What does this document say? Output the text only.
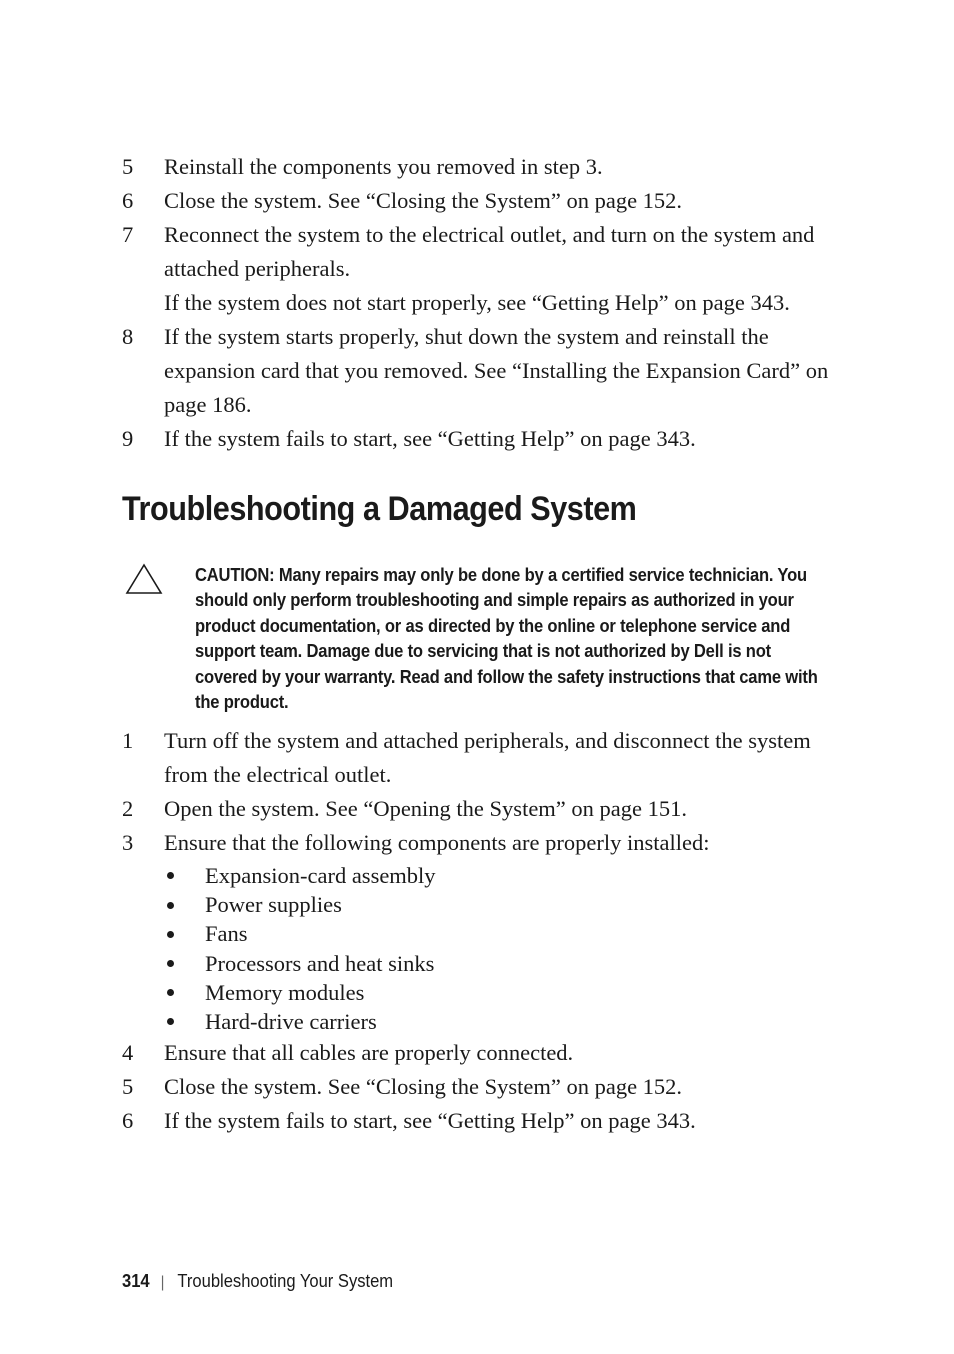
5	Reinstall the components you removed in step 3.
6	Close the system. See “Closing the System” on page 152.
7	Reconnect the system to the electrical outlet, and turn on the system and attached peripherals.
If the system does not start properly, see “Getting Help” on page 343.
8	If the system starts properly, shut down the system and reinstall the expansion card that you removed. See “Installing the Expansion Card” on page 186.
9	If the system fails to start, see “Getting Help” on page 343.
Troubleshooting a Damaged System

CAUTION: Many repairs may only be done by a certified service technician. You should only perform troubleshooting and simple repairs as authorized in your product documentation, or as directed by the online or telephone service and support team. Damage due to servicing that is not authorized by Dell is not covered by your warranty. Read and follow the safety instructions that came with the product.

1	Turn off the system and attached peripherals, and disconnect the system from the electrical outlet.
2	Open the system. See “Opening the System” on page 151.
3	Ensure that the following components are properly installed:
Expansion-card assembly
Power supplies
Fans
Processors and heat sinks
Memory modules
Hard-drive carriers
4	Ensure that all cables are properly connected.
5	Close the system. See “Closing the System” on page 152.
6	If the system fails to start, see “Getting Help” on page 343.
314 | Troubleshooting Your System
